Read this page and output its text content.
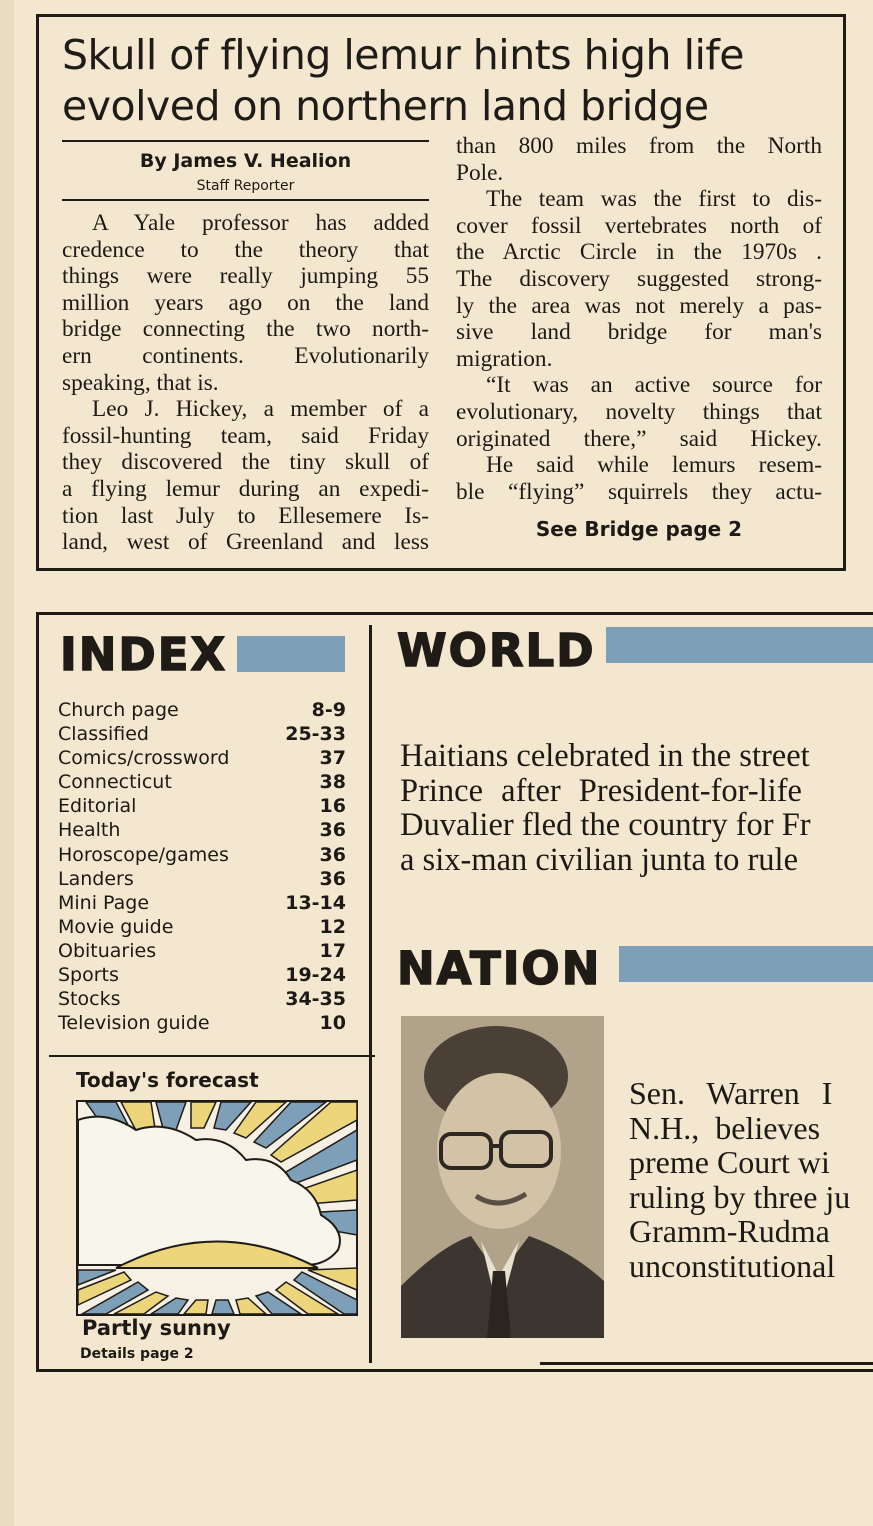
Skull of flying lemur hints high life
evolved on northern land bridge
By James V. Healion
Staff Reporter
A Yale professor has added
credence to the theory that
things were really jumping 55
million years ago on the land
bridge connecting the two north-
ern continents. Evolutionarily
speaking, that is.
Leo J. Hickey, a member of a
fossil-hunting team, said Friday
they discovered the tiny skull of
a flying lemur during an expedi-
tion last July to Ellesemere Is-
land, west of Greenland and less
than 800 miles from the North
Pole.
The team was the first to dis-
cover fossil vertebrates north of
the Arctic Circle in the 1970s .
The discovery suggested strong-
ly the area was not merely a pas-
sive land bridge for man's
migration.
“It was an active source for
evolutionary, novelty things that
originated there,” said Hickey.
He said while lemurs resem-
ble “flying” squirrels they actu-
See Bridge page 2
INDEX
Church page	8-9
Classified	25-33
Comics/crossword	37
Connecticut	38
Editorial	16
Health	36
Horoscope/games	36
Landers	36
Mini Page	13-14
Movie guide	12
Obituaries	17
Sports	19-24
Stocks	34-35
Television guide	10
Today's forecast
Partly sunny
Details page 2
WORLD
Haitians celebrated in the street
Prince after President-for-life
Duvalier fled the country for Fr
a six-man civilian junta to rule
NATION
Sen. Warren I
N.H., believes
preme Court wi
ruling by three ju
Gramm-Rudma
unconstitutional
